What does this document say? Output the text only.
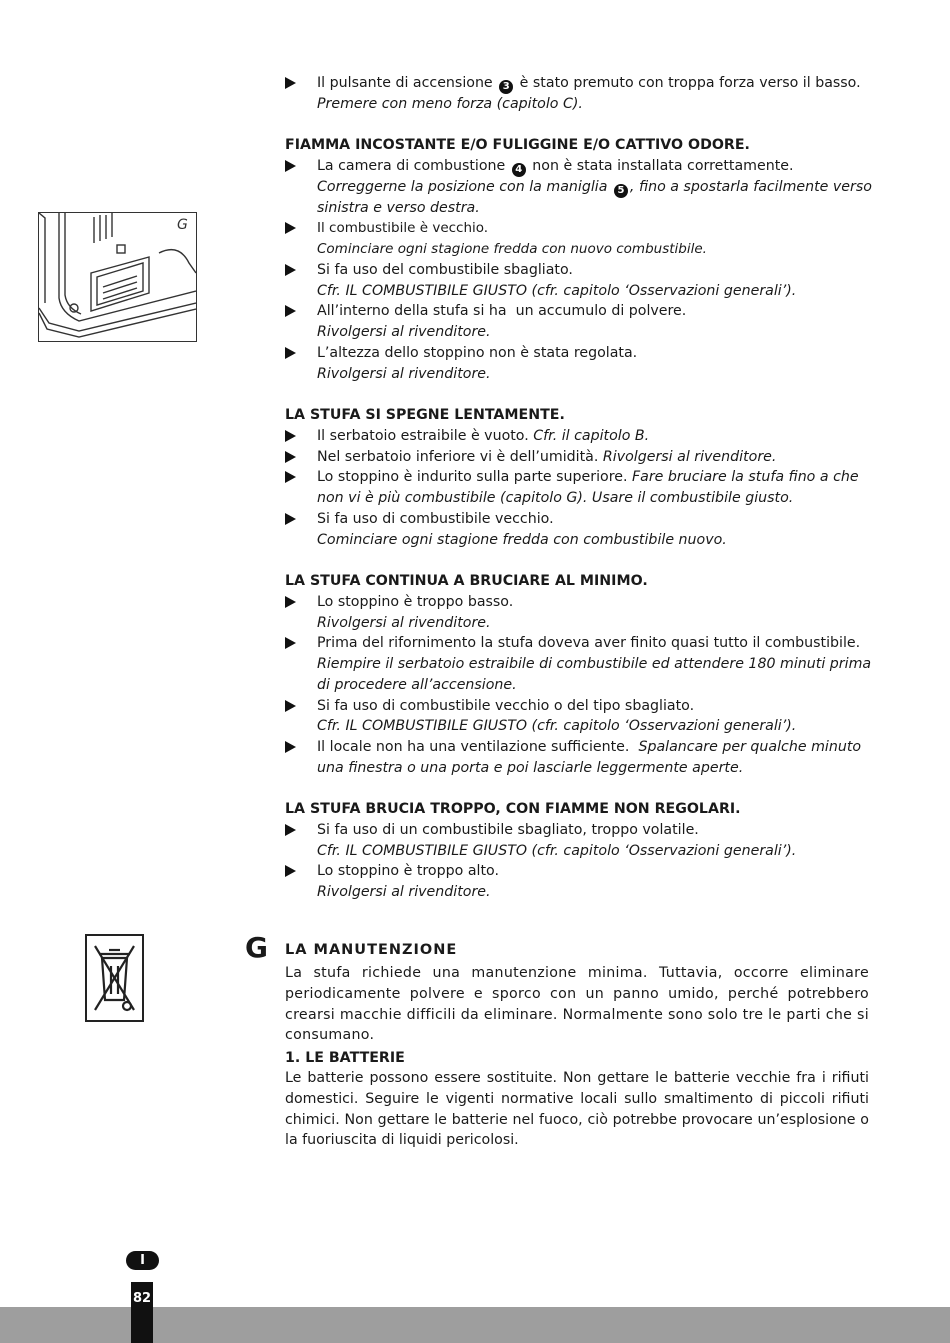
G
Il pulsante di accensione 3 è stato premuto con troppa forza verso il basso.
Premere con meno forza (capitolo C).
FIAMMA INCOSTANTE E/O FULIGGINE E/O CATTIVO ODORE.
La camera di combustione 4 non è stata installata correttamente.
Correggerne la posizione con la maniglia 5 , fino a spostarla facilmente verso
sinistra e verso destra.
Il combustibile è vecchio.
Cominciare ogni stagione fredda con nuovo combustibile.
Si fa uso del combustibile sbagliato.
Cfr. IL COMBUSTIBILE GIUSTO (cfr. capitolo ‘Osservazioni generali’).
All’interno della stufa si ha  un accumulo di polvere.
Rivolgersi al rivenditore.
L’altezza dello stoppino non è stata regolata.
Rivolgersi al rivenditore.
LA STUFA SI SPEGNE LENTAMENTE.
Il serbatoio estraibile è vuoto. Cfr. il capitolo B.
Nel serbatoio inferiore vi è dell’umidità. Rivolgersi al rivenditore.
Lo stoppino è indurito sulla parte superiore. Fare bruciare la stufa fino a che
non vi è più combustibile (capitolo G). Usare il combustibile giusto.
Si fa uso di combustibile vecchio.
Cominciare ogni stagione fredda con combustibile nuovo.
LA STUFA CONTINUA A BRUCIARE AL MINIMO.
Lo stoppino è troppo basso.
Rivolgersi al rivenditore.
Prima del rifornimento la stufa doveva aver finito quasi tutto il combustibile.
Riempire il serbatoio estraibile di combustibile ed attendere 180 minuti prima
di procedere all’accensione.
Si fa uso di combustibile vecchio o del tipo sbagliato.
Cfr. IL COMBUSTIBILE GIUSTO (cfr. capitolo ‘Osservazioni generali’).
Il locale non ha una ventilazione sufficiente.  Spalancare per qualche minuto
una finestra o una porta e poi lasciarle leggermente aperte.
LA STUFA BRUCIA TROPPO, CON FIAMME NON REGOLARI.
Si fa uso di un combustibile sbagliato, troppo volatile.
Cfr. IL COMBUSTIBILE GIUSTO (cfr. capitolo ‘Osservazioni generali’).
Lo stoppino è troppo alto.
Rivolgersi al rivenditore.
G LA MANUTENZIONE
La stufa richiede una manutenzione minima. Tuttavia, occorre eliminare periodicamente polvere e sporco con un panno umido, perché potrebbero crearsi macchie difficili da eliminare. Normalmente sono solo tre le parti che si consumano.
1. LE BATTERIE
Le batterie possono essere sostituite. Non gettare le batterie vecchie fra i rifiuti domestici. Seguire le vigenti normative locali sullo smaltimento di piccoli rifiuti chimici. Non gettare le batterie nel fuoco, ciò potrebbe provocare un’esplosione o la fuoriuscita di liquidi pericolosi.
I
82
